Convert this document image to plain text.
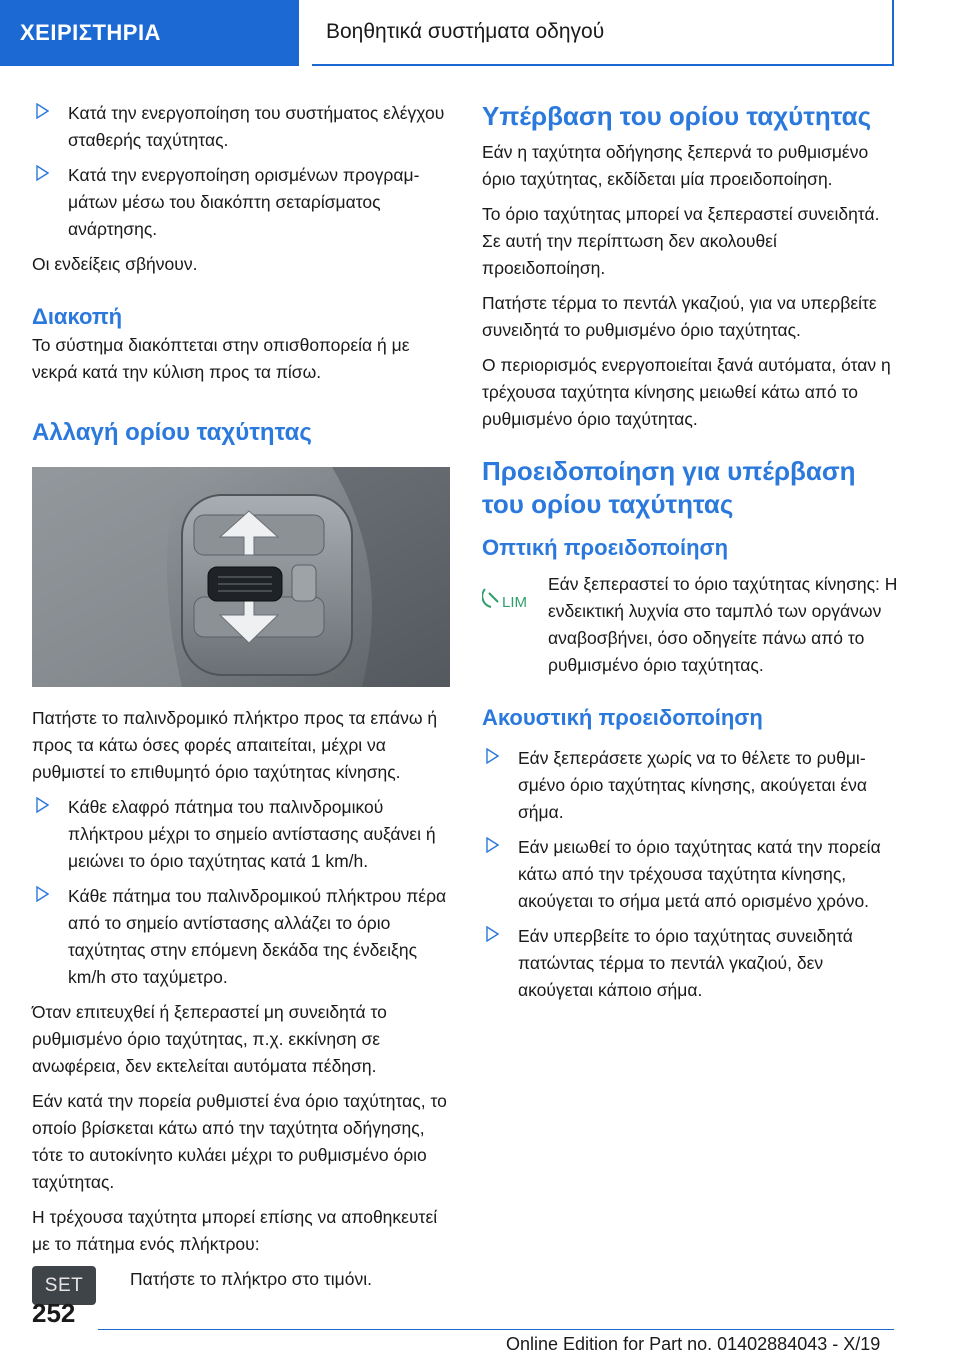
ΧΕΙΡΙΣΤΗΡΙΑ	Βοηθητικά συστήματα οδηγού
Κατά την ενεργοποίηση του συστήματος ελέγχου σταθερής ταχύτητας.
Κατά την ενεργοποίηση ορισμένων προγραμμάτων μέσω του διακόπτη σεταρίσματος ανάρτησης.

Οι ενδείξεις σβήνουν.

Διακοπή

Το σύστημα διακόπτεται στην οπισθοπορεία ή με νεκρά κατά την κύλιση προς τα πίσω.

Αλλαγή ορίου ταχύτητας

Πατήστε το παλινδρομικό πλήκτρο προς τα επάνω ή προς τα κάτω όσες φορές απαιτείται, μέχρι να ρυθμιστεί το επιθυμητό όριο ταχύτητας κίνησης.

Κάθε ελαφρό πάτημα του παλινδρομικού πλήκτρου μέχρι το σημείο αντίστασης αυξάνει ή μειώνει το όριο ταχύτητας κατά 1 km/h.
Κάθε πάτημα του παλινδρομικού πλήκτρου πέρα από το σημείο αντίστασης αλλάζει το όριο ταχύτητας στην επόμενη δεκάδα της ένδειξης km/h στο ταχύμετρο.

Όταν επιτευχθεί ή ξεπεραστεί μη συνειδητά το ρυθμισμένο όριο ταχύτητας, π.χ. εκκίνηση σε ανωφέρεια, δεν εκτελείται αυτόματα πέδηση.

Εάν κατά την πορεία ρυθμιστεί ένα όριο ταχύτητας, το οποίο βρίσκεται κάτω από την ταχύτητα οδήγησης, τότε το αυτοκίνητο κυλάει μέχρι το ρυθμισμένο όριο ταχύτητας.

Η τρέχουσα ταχύτητα μπορεί επίσης να αποθηκευτεί με το πάτημα ενός πλήκτρου:

SET	Πατήστε το πλήκτρο στο τιμόνι.
Υπέρβαση του ορίου ταχύτητας

Εάν η ταχύτητα οδήγησης ξεπερνά το ρυθμισμένο όριο ταχύτητας, εκδίδεται μία προειδοποίηση.

Το όριο ταχύτητας μπορεί να ξεπεραστεί συνειδητά. Σε αυτή την περίπτωση δεν ακολουθεί προειδοποίηση.

Πατήστε τέρμα το πεντάλ γκαζιού, για να υπερβείτε συνειδητά το ρυθμισμένο όριο ταχύτητας.

Ο περιορισμός ενεργοποιείται ξανά αυτόματα, όταν η τρέχουσα ταχύτητα κίνησης μειωθεί κάτω από το ρυθμισμένο όριο ταχύτητας.

Προειδοποίηση για υπέρβαση του ορίου ταχύτητας
Οπτική προειδοποίηση
LIM

Εάν ξεπεραστεί το όριο ταχύτητας κίνησης: Η ενδεικτική λυχνία στο ταμπλό των οργάνων αναβοσβήνει, όσο οδηγείτε πάνω από το ρυθμισμένο όριο ταχύτητας.

Ακουστική προειδοποίηση
Εάν ξεπεράσετε χωρίς να το θέλετε το ρυθμισμένο όριο ταχύτητας κίνησης, ακούγεται ένα σήμα.
Εάν μειωθεί το όριο ταχύτητας κατά την πορεία κάτω από την τρέχουσα ταχύτητα κίνησης, ακούγεται το σήμα μετά από ορισμένο χρόνο.
Εάν υπερβείτε το όριο ταχύτητας συνειδητά πατώντας τέρμα το πεντάλ γκαζιού, δεν ακούγεται κάποιο σήμα.
252
Online Edition for Part no. 01402884043 - X/19
